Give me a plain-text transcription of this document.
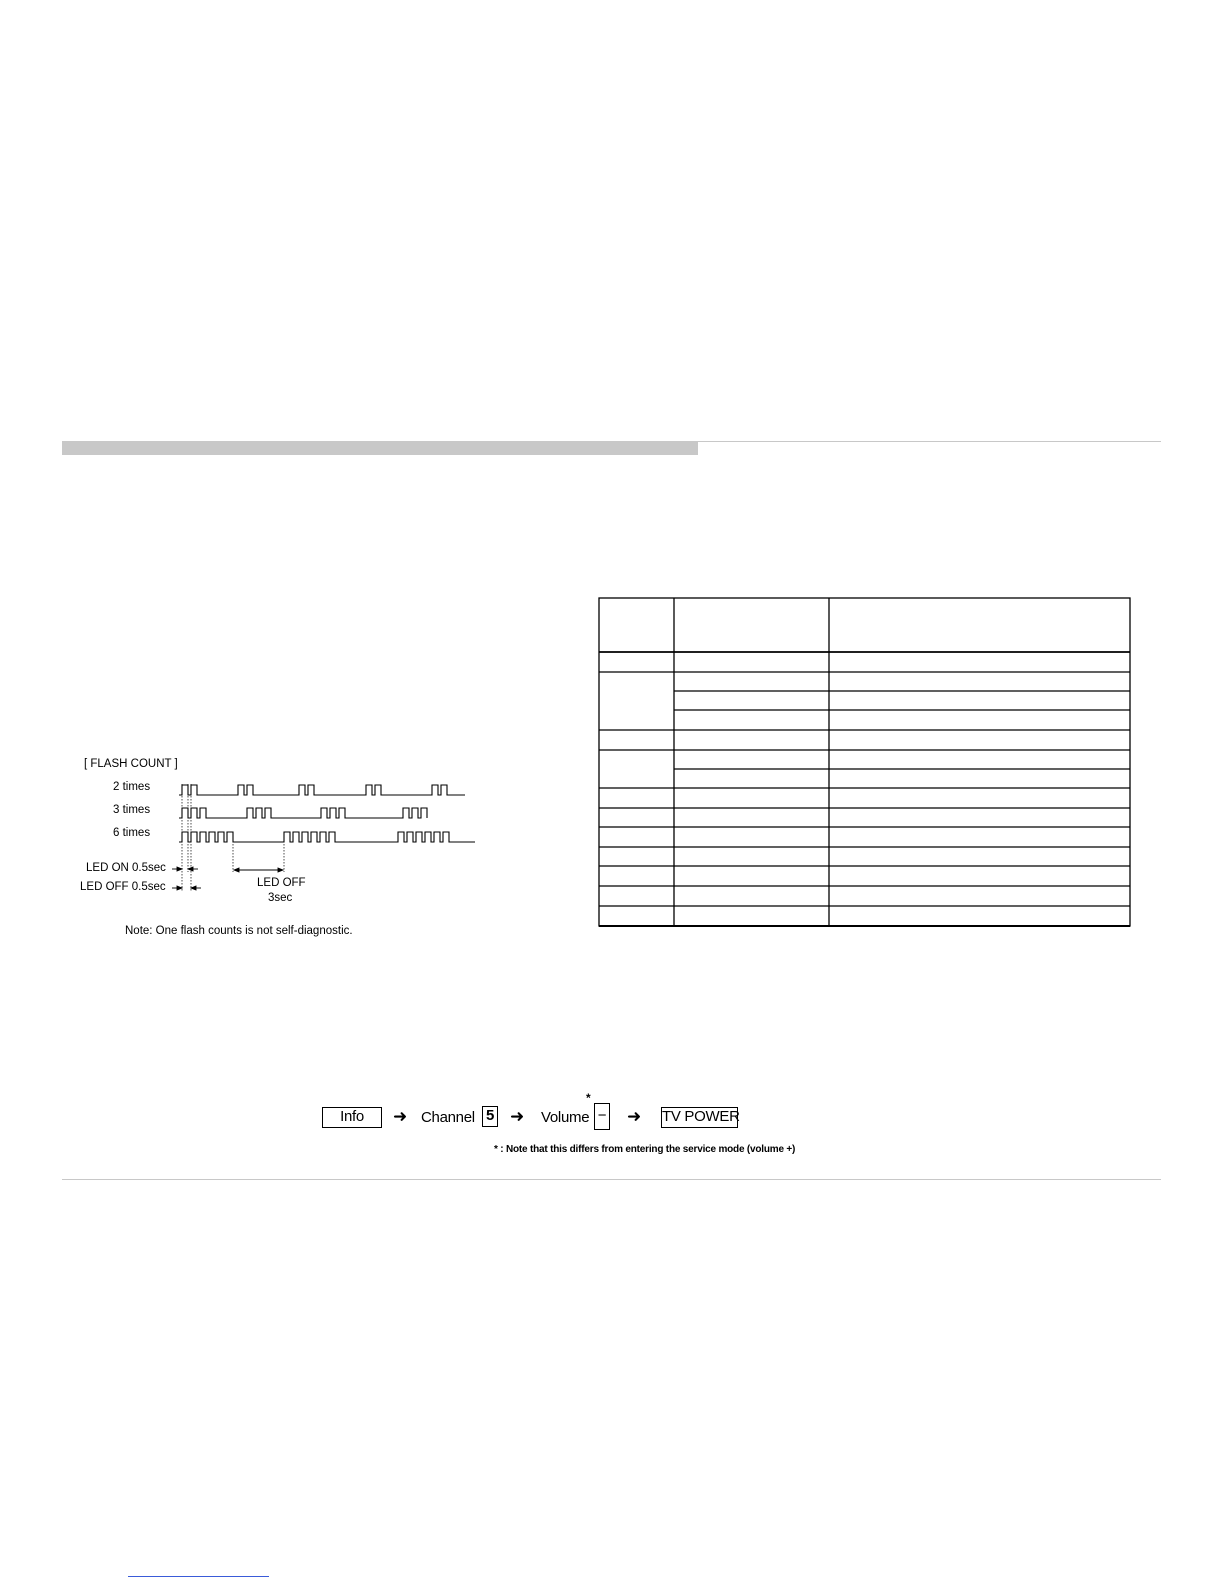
[ FLASH COUNT ]
2 times
3 times
6 times
LED ON 0.5sec
LED OFF 0.5sec	LED OFF
3sec
Note: One flash counts is not self-diagnostic.
Info	➜ Channel 5 ➜ Volume
*
− ➜ TV POWER
* : Note that this differs from entering the service mode (volume +)
